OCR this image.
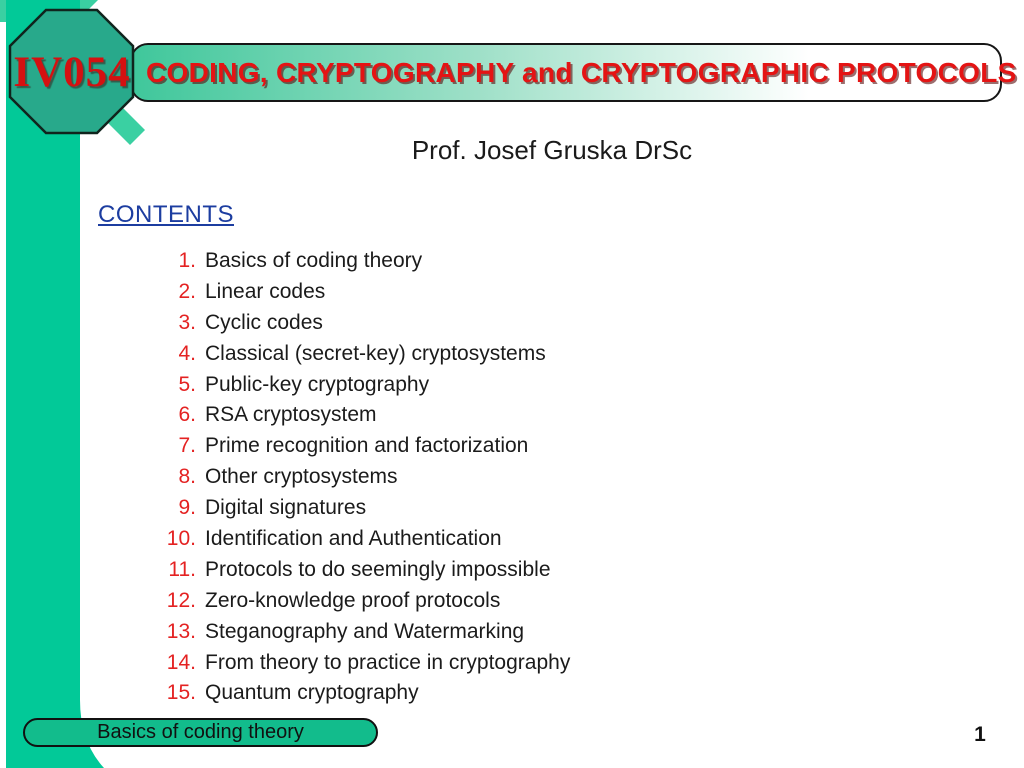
CODING, CRYPTOGRAPHY and CRYPTOGRAPHIC PROTOCOLS
IV054
Prof. Josef Gruska DrSc
CONTENTS
1. Basics of coding theory
2. Linear codes
3. Cyclic codes
4. Classical (secret-key) cryptosystems
5. Public-key cryptography
6. RSA cryptosystem
7. Prime recognition and factorization
8. Other cryptosystems
9. Digital signatures
10. Identification and Authentication
11. Protocols to do seemingly impossible
12. Zero-knowledge proof protocols
13. Steganography and Watermarking
14. From theory to practice in cryptography
15. Quantum cryptography
Basics of coding theory	1
